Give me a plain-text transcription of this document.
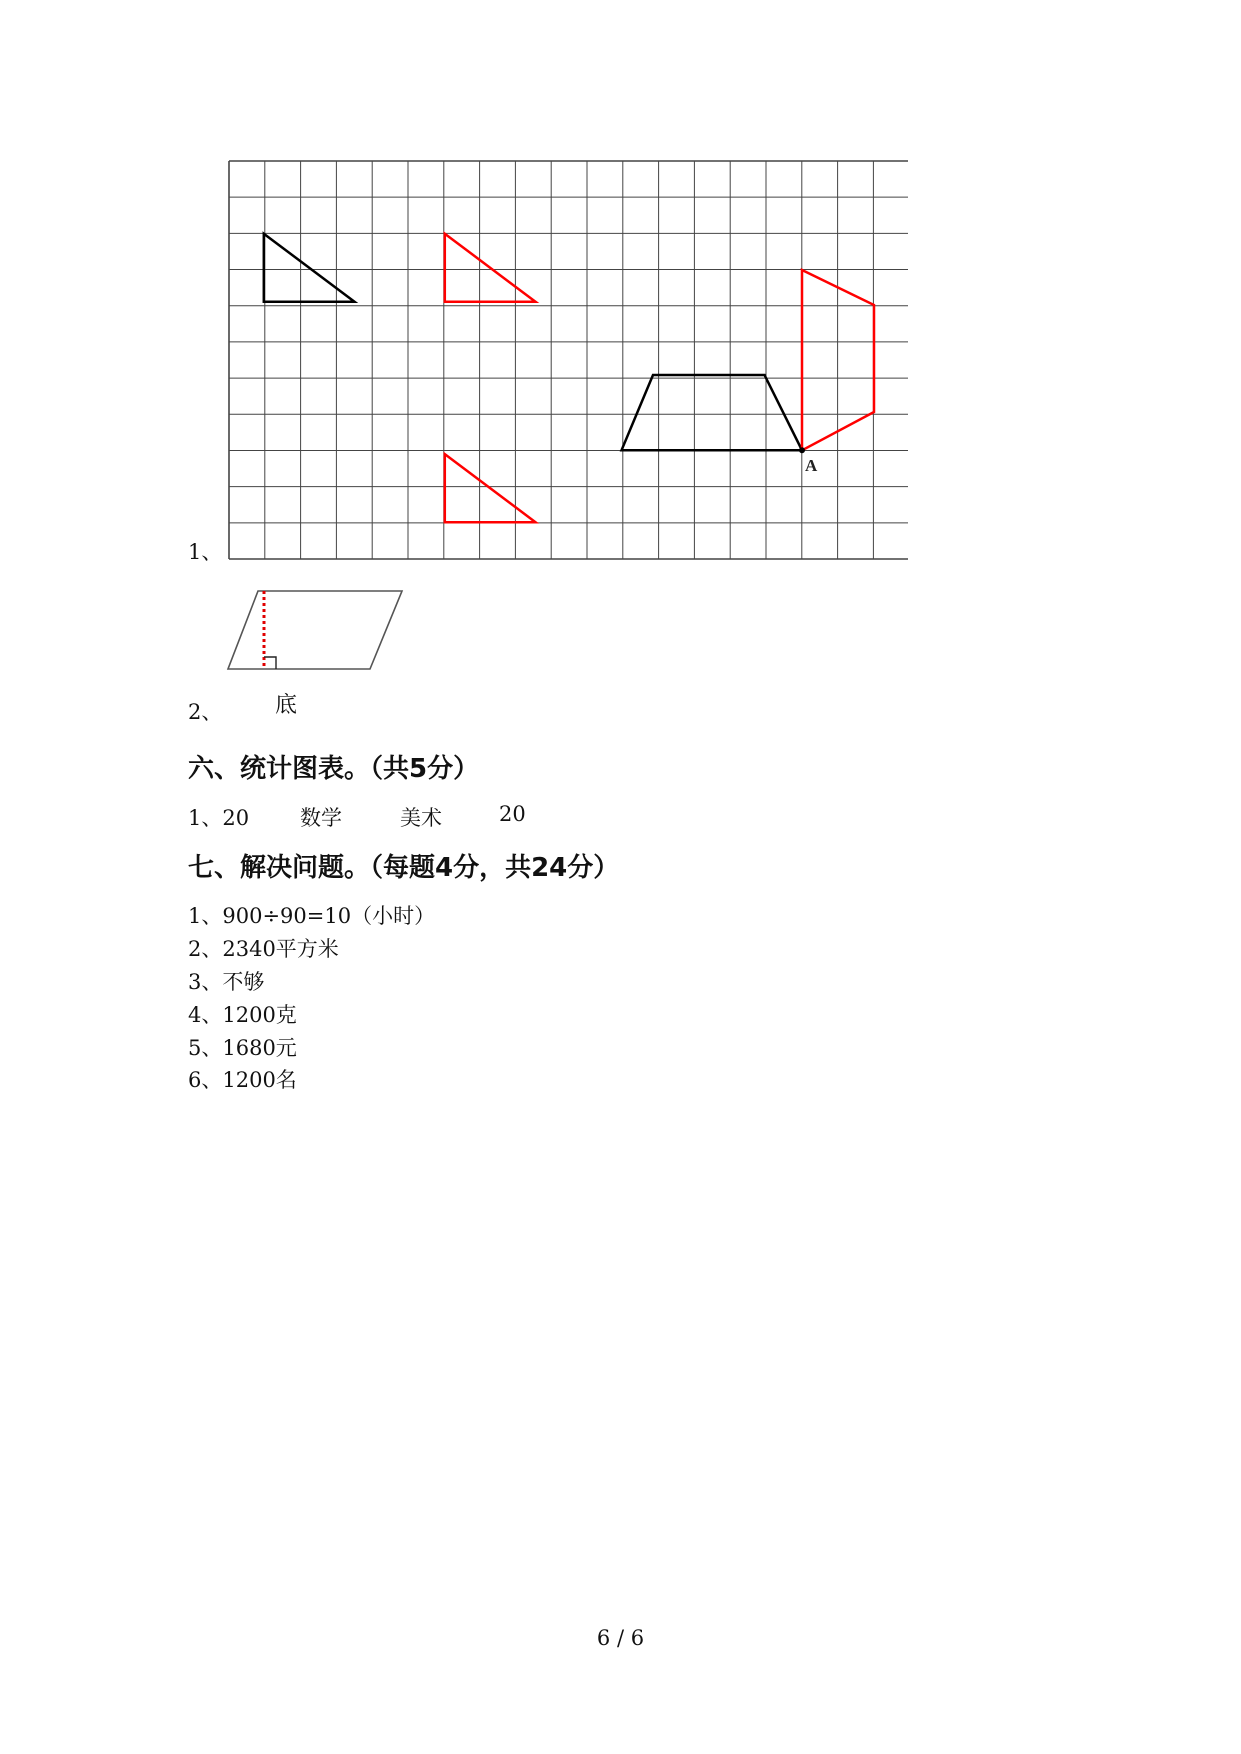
1、
A
2、 底
六、统计图表。（共5分）
1、20 数学	美术	20
七、解决问题。（每题4分，共24分）
1、900÷90=10（小时）
2、2340平方米
3、不够
4、1200克
5、1680元
6、1200名
6 / 6
